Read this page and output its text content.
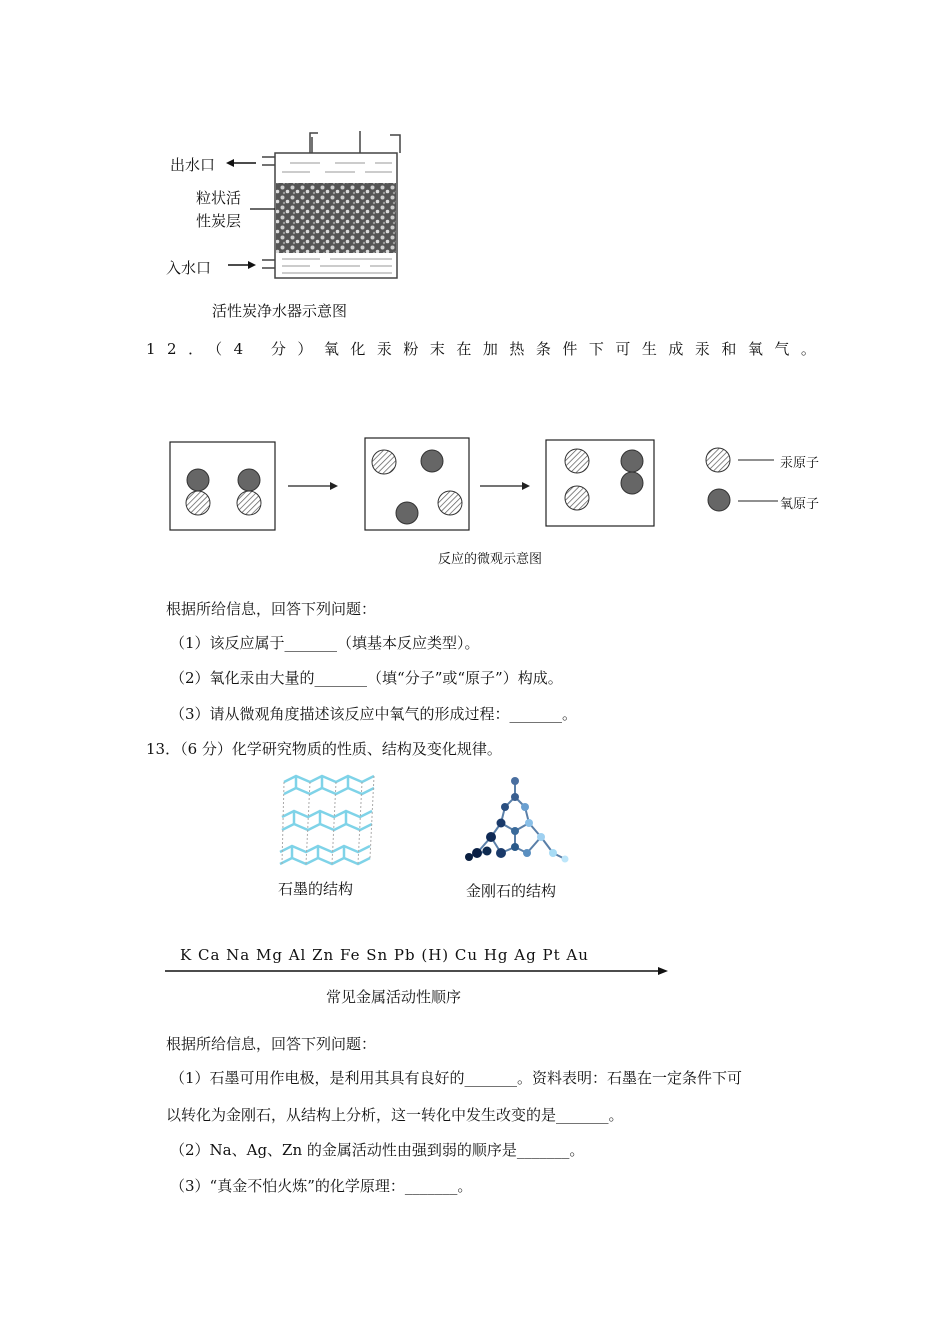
出水口
粒状活
性炭层
入水口
活性炭净水器示意图
12．（4 分）氧化汞粉末在加热条件下可生成汞和氧气。
汞原子
氧原子
反应的微观示意图
根据所给信息，回答下列问题：
（1）该反应属于_______（填基本反应类型）。
（2）氧化汞由大量的_______（填“分子”或“原子”）构成。
（3）请从微观角度描述该反应中氧气的形成过程：_______。
13．（6 分）化学研究物质的性质、结构及变化规律。
石墨的结构	金刚石的结构
K Ca Na Mg Al Zn Fe Sn Pb (H) Cu Hg Ag Pt Au
常见金属活动性顺序
根据所给信息，回答下列问题：
（1）石墨可用作电极，是利用其具有良好的_______。资料表明：石墨在一定条件下可
以转化为金刚石，从结构上分析，这一转化中发生改变的是_______。
（2）Na、Ag、Zn 的金属活动性由强到弱的顺序是_______。
（3）“真金不怕火炼”的化学原理：_______。
